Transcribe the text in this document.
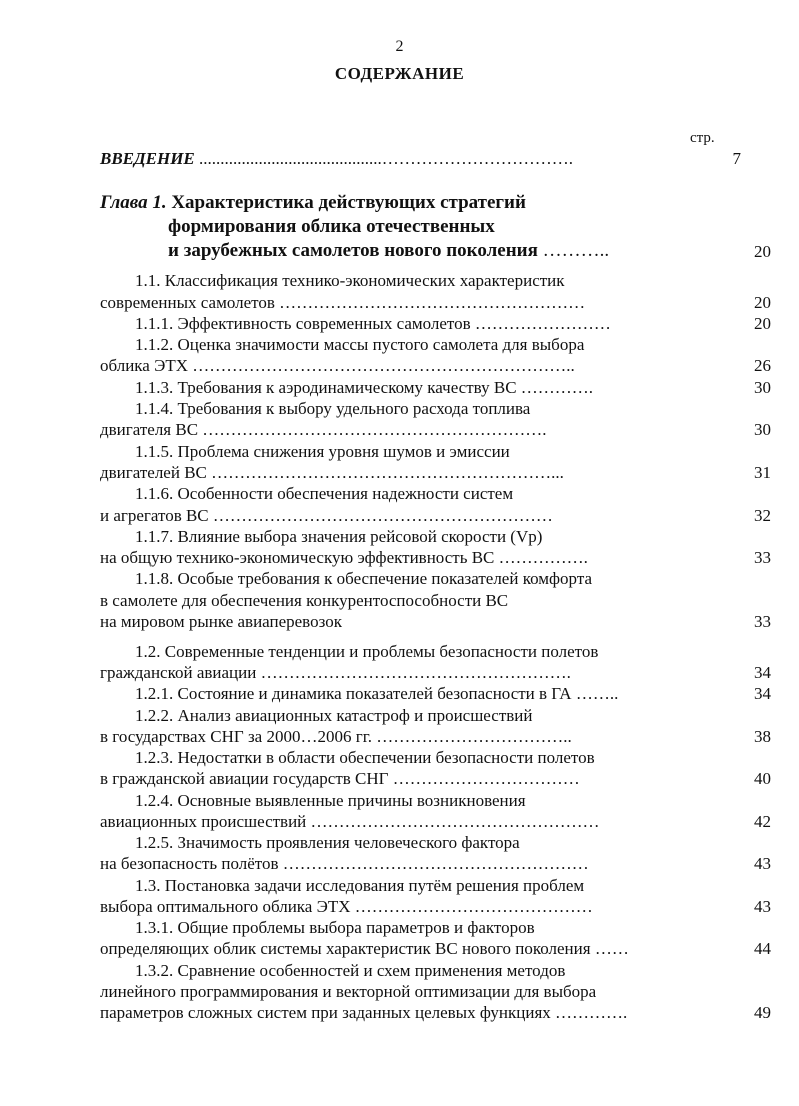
2
СОДЕРЖАНИЕ
стр.
ВВЕДЕНИЕ ...........................................…………………………….	7
Глава 1. Характеристика действующих стратегий
формирования облика отечественных
и зарубежных самолетов нового поколения ………..	20
1.1. Классификация технико-экономических характеристик
современных самолетов ………………………………………………	20
1.1.1. Эффективность современных самолетов ……………………	20
1.1.2. Оценка значимости массы пустого самолета для выбора
облика ЭТХ …………………………………………………………..	26
1.1.3. Требования к аэродинамическому качеству ВС ………….	30
1.1.4. Требования к выбору удельного расхода топлива
двигателя ВС …………………………………………………….	30
1.1.5. Проблема снижения уровня шумов и эмиссии
двигателей ВС ……………………………………………………...	31
1.1.6. Особенности обеспечения надежности систем
и агрегатов ВС ……………………………………………………	32
1.1.7. Влияние выбора значения рейсовой скорости (Vр)
на общую технико-экономическую эффективность ВС …………….	33
1.1.8. Особые требования к обеспечение показателей комфорта
в самолете для обеспечения конкурентоспособности ВС
на мировом рынке авиаперевозок	33
1.2. Современные тенденции и проблемы безопасности полетов
гражданской авиации ……………………………………………….	34
1.2.1. Состояние и динамика показателей безопасности в ГА ……..	34
1.2.2. Анализ авиационных катастроф и происшествий
в государствах СНГ за 2000…2006 гг. ……………………………..	38
1.2.3. Недостатки в области обеспечении безопасности полетов
в гражданской авиации государств СНГ ……………………………	40
1.2.4. Основные выявленные причины возникновения
авиационных происшествий ……………………………………………	42
1.2.5. Значимость проявления человеческого фактора
на безопасность полётов ………………………………………………	43
1.3. Постановка задачи исследования путём решения проблем
выбора оптимального облика ЭТХ ……………………………………	43
1.3.1. Общие проблемы выбора параметров и факторов
определяющих облик системы характеристик ВС нового поколения ……	44
1.3.2. Сравнение особенностей и схем применения методов
линейного программирования и векторной оптимизации для выбора
параметров сложных систем при заданных целевых функциях ………….	49
